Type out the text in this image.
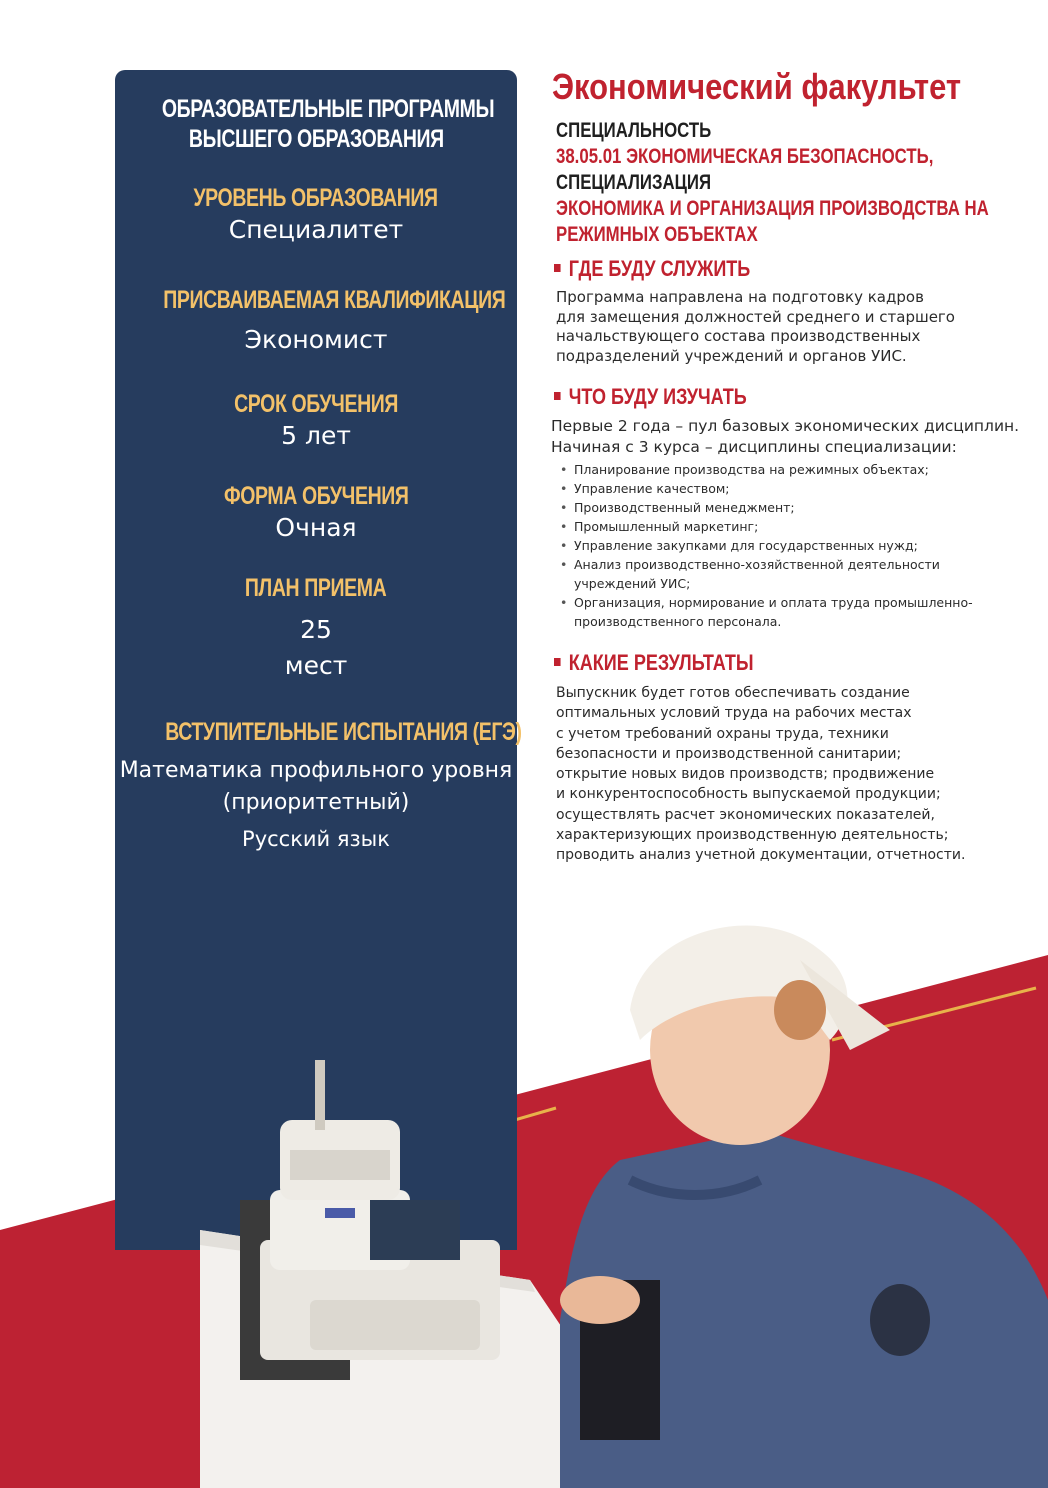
ОБРАЗОВАТЕЛЬНЫЕ ПРОГРАММЫ
ВЫСШЕГО ОБРАЗОВАНИЯ
УРОВЕНЬ ОБРАЗОВАНИЯ
Специалитет
ПРИСВАИВАЕМАЯ КВАЛИФИКАЦИЯ
Экономист
СРОК ОБУЧЕНИЯ
5 лет
ФОРМА ОБУЧЕНИЯ
Очная
ПЛАН ПРИЕМА
25
мест
ВСТУПИТЕЛЬНЫЕ ИСПЫТАНИЯ (ЕГЭ)
Математика профильного уровня
(приоритетный)
Русский язык
Экономический факультет
СПЕЦИАЛЬНОСТЬ
38.05.01 ЭКОНОМИЧЕСКАЯ БЕЗОПАСНОСТЬ,
СПЕЦИАЛИЗАЦИЯ
ЭКОНОМИКА И ОРГАНИЗАЦИЯ ПРОИЗВОДСТВА НА
РЕЖИМНЫХ ОБЪЕКТАХ
ГДЕ БУДУ СЛУЖИТЬ
Программа направлена на подготовку кадров
для замещения должностей среднего и старшего
начальствующего состава производственных
подразделений учреждений и органов УИС.
ЧТО БУДУ ИЗУЧАТЬ
Первые 2 года – пул базовых экономических дисциплин.
Начиная с 3 курса – дисциплины специализации:
• Планирование производства на режимных объектах;
• Управление качеством;
• Производственный менеджмент;
• Промышленный маркетинг;
• Управление закупками для государственных нужд;
• Анализ производственно-хозяйственной деятельности
учреждений УИС;
• Организация, нормирование и оплата труда промышленно-
производственного персонала.
КАКИЕ РЕЗУЛЬТАТЫ
Выпускник будет готов обеспечивать создание
оптимальных условий труда на рабочих местах
с учетом требований охраны труда, техники
безопасности и производственной санитарии;
открытие новых видов производств; продвижение
и конкурентоспособность выпускаемой продукции;
осуществлять расчет экономических показателей,
характеризующих производственную деятельность;
проводить анализ учетной документации, отчетности.
